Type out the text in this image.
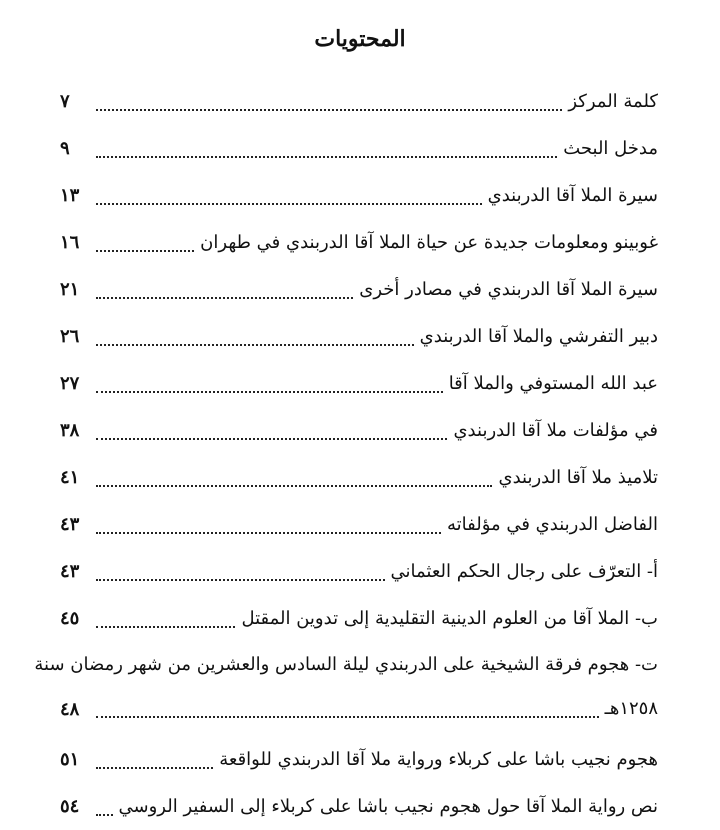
المحتويات
كلمة المركز
٧
مدخل البحث
٩
سيرة الملا آقا الدربندي
١٣
غوبينو ومعلومات جديدة عن حياة الملا آقا الدربندي في طهران
١٦
سيرة الملا آقا الدربندي في مصادر أخرى
٢١
دبير التفرشي والملا آقا الدربندي
٢٦
عبد الله المستوفي والملا آقا
٢٧
في مؤلفات ملا آقا الدربندي
٣٨
تلاميذ ملا آقا الدربندي
٤١
الفاضل الدربندي في مؤلفاته
٤٣
أ- التعرّف على رجال الحكم العثماني
٤٣
ب- الملا آقا من العلوم الدينية التقليدية إلى تدوين المقتل
٤٥
ت- هجوم فرقة الشيخية على الدربندي ليلة السادس والعشرين من شهر رمضان سنة
١٢٥٨هـ
٤٨
هجوم نجيب باشا على كربلاء ورواية ملا آقا الدربندي للواقعة
٥١
نص رواية الملا آقا حول هجوم نجيب باشا على كربلاء إلى السفير الروسي
٥٤
